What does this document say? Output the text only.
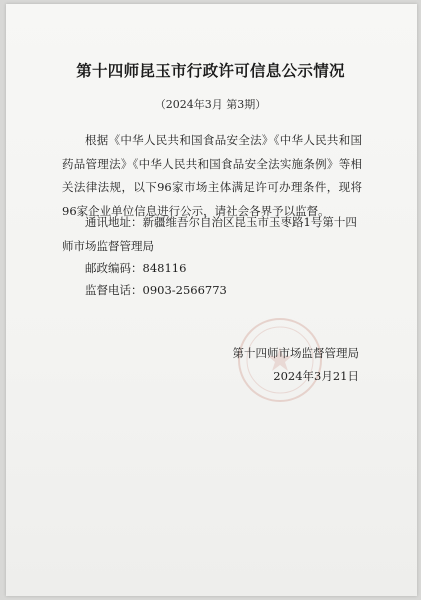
第十四师昆玉市行政许可信息公示情况
（2024年3月 第3期）
根据《中华人民共和国食品安全法》《中华人民共和国药品管理法》《中华人民共和国食品安全法实施条例》等相关法律法规，以下96家市场主体满足许可办理条件，现将96家企业单位信息进行公示，请社会各界予以监督。
通讯地址：新疆维吾尔自治区昆玉市玉枣路1号第十四师市场监督管理局
邮政编码：848116
监督电话：0903-2566773
第十四师市场监督管理局
2024年3月21日
